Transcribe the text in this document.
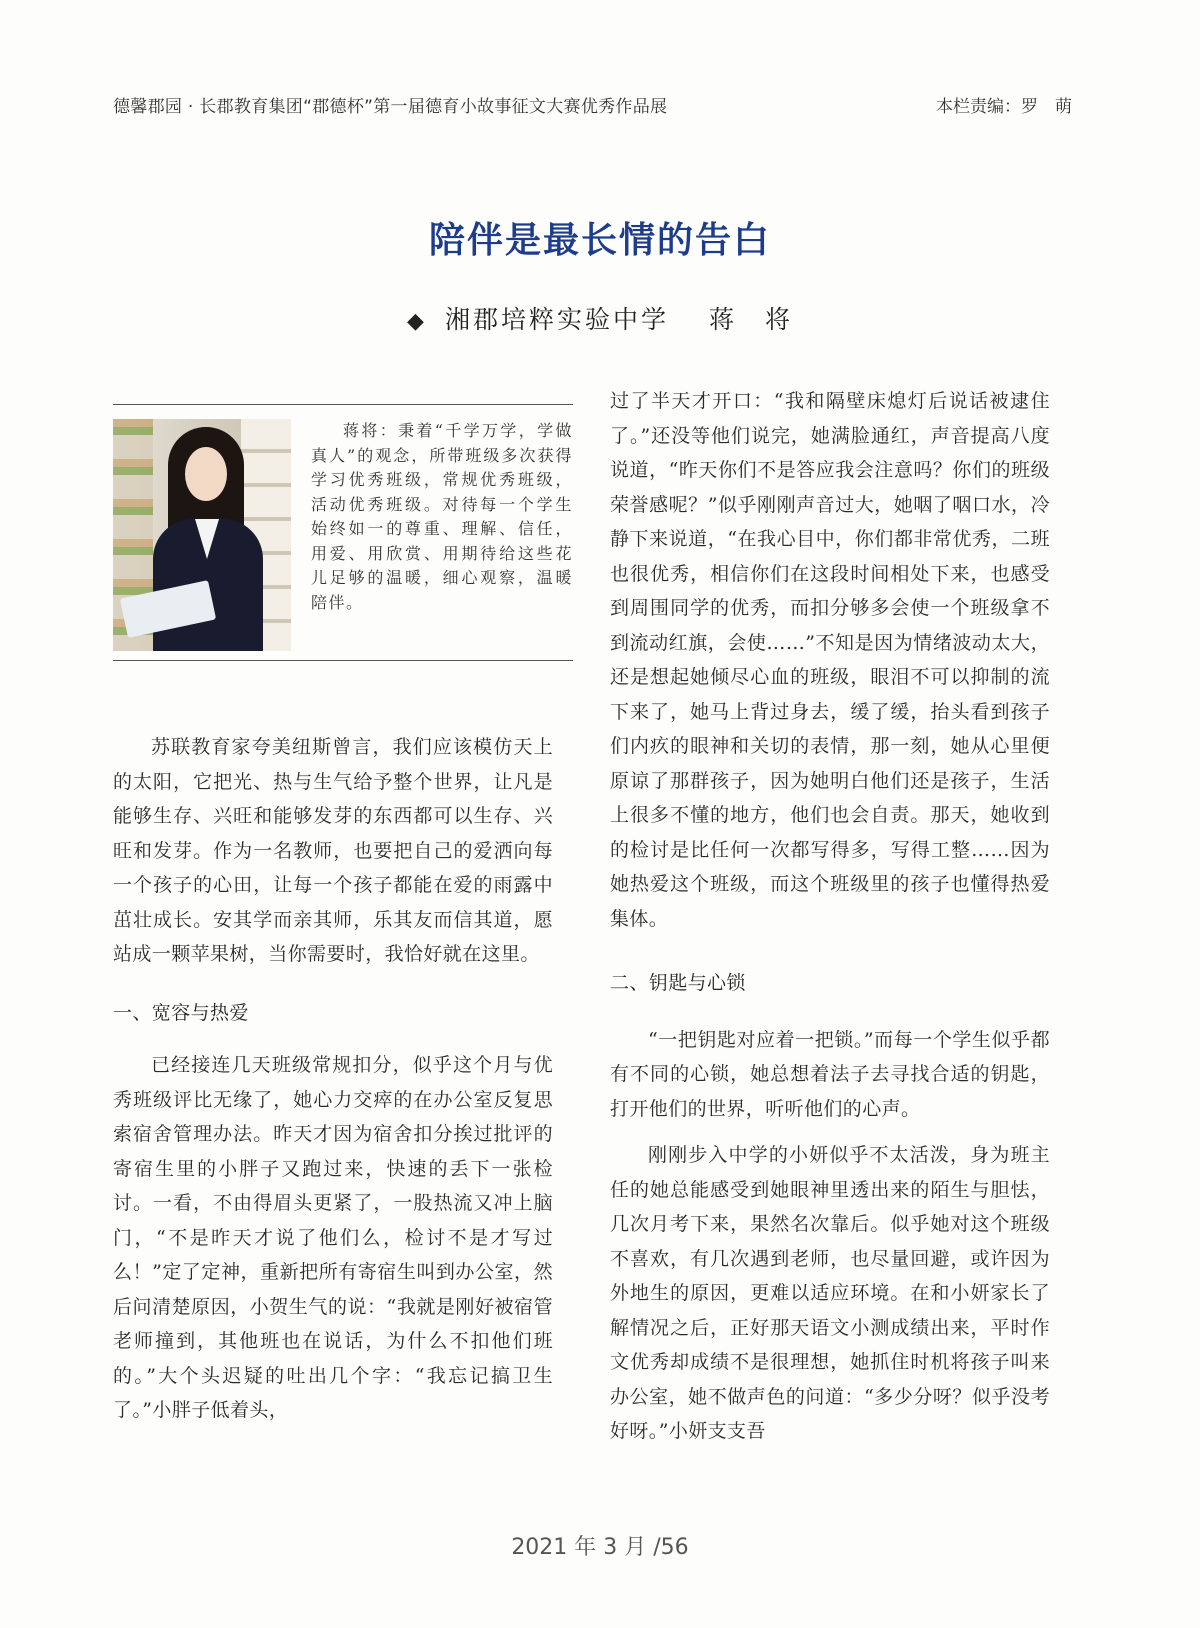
德馨郡园 · 长郡教育集团“郡德杯”第一届德育小故事征文大赛优秀作品展	本栏责编：罗　萌
陪伴是最长情的告白
◆ 湘郡培粹实验中学 蒋　将
蒋将：秉着“千学万学，学做真人”的观念，所带班级多次获得学习优秀班级，常规优秀班级，活动优秀班级。对待每一个学生始终如一的尊重、理解、信任，用爱、用欣赏、用期待给这些花儿足够的温暖，细心观察，温暖陪伴。

苏联教育家夸美纽斯曾言，我们应该模仿天上的太阳，它把光、热与生气给予整个世界，让凡是能够生存、兴旺和能够发芽的东西都可以生存、兴旺和发芽。作为一名教师，也要把自己的爱洒向每一个孩子的心田，让每一个孩子都能在爱的雨露中茁壮成长。安其学而亲其师，乐其友而信其道，愿站成一颗苹果树，当你需要时，我恰好就在这里。

一、宽容与热爱

已经接连几天班级常规扣分，似乎这个月与优秀班级评比无缘了，她心力交瘁的在办公室反复思索宿舍管理办法。昨天才因为宿舍扣分挨过批评的寄宿生里的小胖子又跑过来，快速的丢下一张检讨。一看，不由得眉头更紧了，一股热流又冲上脑门，“不是昨天才说了他们么，检讨不是才写过么！”定了定神，重新把所有寄宿生叫到办公室，然后问清楚原因，小贺生气的说：“我就是刚好被宿管老师撞到，其他班也在说话，为什么不扣他们班的。”大个头迟疑的吐出几个字：“我忘记搞卫生了。”小胖子低着头，

过了半天才开口：“我和隔壁床熄灯后说话被逮住了。”还没等他们说完，她满脸通红，声音提高八度说道，“昨天你们不是答应我会注意吗？你们的班级荣誉感呢？”似乎刚刚声音过大，她咽了咽口水，冷静下来说道，“在我心目中，你们都非常优秀，二班也很优秀，相信你们在这段时间相处下来，也感受到周围同学的优秀，而扣分够多会使一个班级拿不到流动红旗，会使……”不知是因为情绪波动太大，还是想起她倾尽心血的班级，眼泪不可以抑制的流下来了，她马上背过身去，缓了缓，抬头看到孩子们内疚的眼神和关切的表情，那一刻，她从心里便原谅了那群孩子，因为她明白他们还是孩子，生活上很多不懂的地方，他们也会自责。那天，她收到的检讨是比任何一次都写得多，写得工整……因为她热爱这个班级，而这个班级里的孩子也懂得热爱集体。

二、钥匙与心锁

“一把钥匙对应着一把锁。”而每一个学生似乎都有不同的心锁，她总想着法子去寻找合适的钥匙，打开他们的世界，听听他们的心声。

刚刚步入中学的小妍似乎不太活泼，身为班主任的她总能感受到她眼神里透出来的陌生与胆怯，几次月考下来，果然名次靠后。似乎她对这个班级不喜欢，有几次遇到老师，也尽量回避，或许因为外地生的原因，更难以适应环境。在和小妍家长了解情况之后，正好那天语文小测成绩出来，平时作文优秀却成绩不是很理想，她抓住时机将孩子叫来办公室，她不做声色的问道：“多少分呀？似乎没考好呀。”小妍支支吾

2021 年 3 月 /56
